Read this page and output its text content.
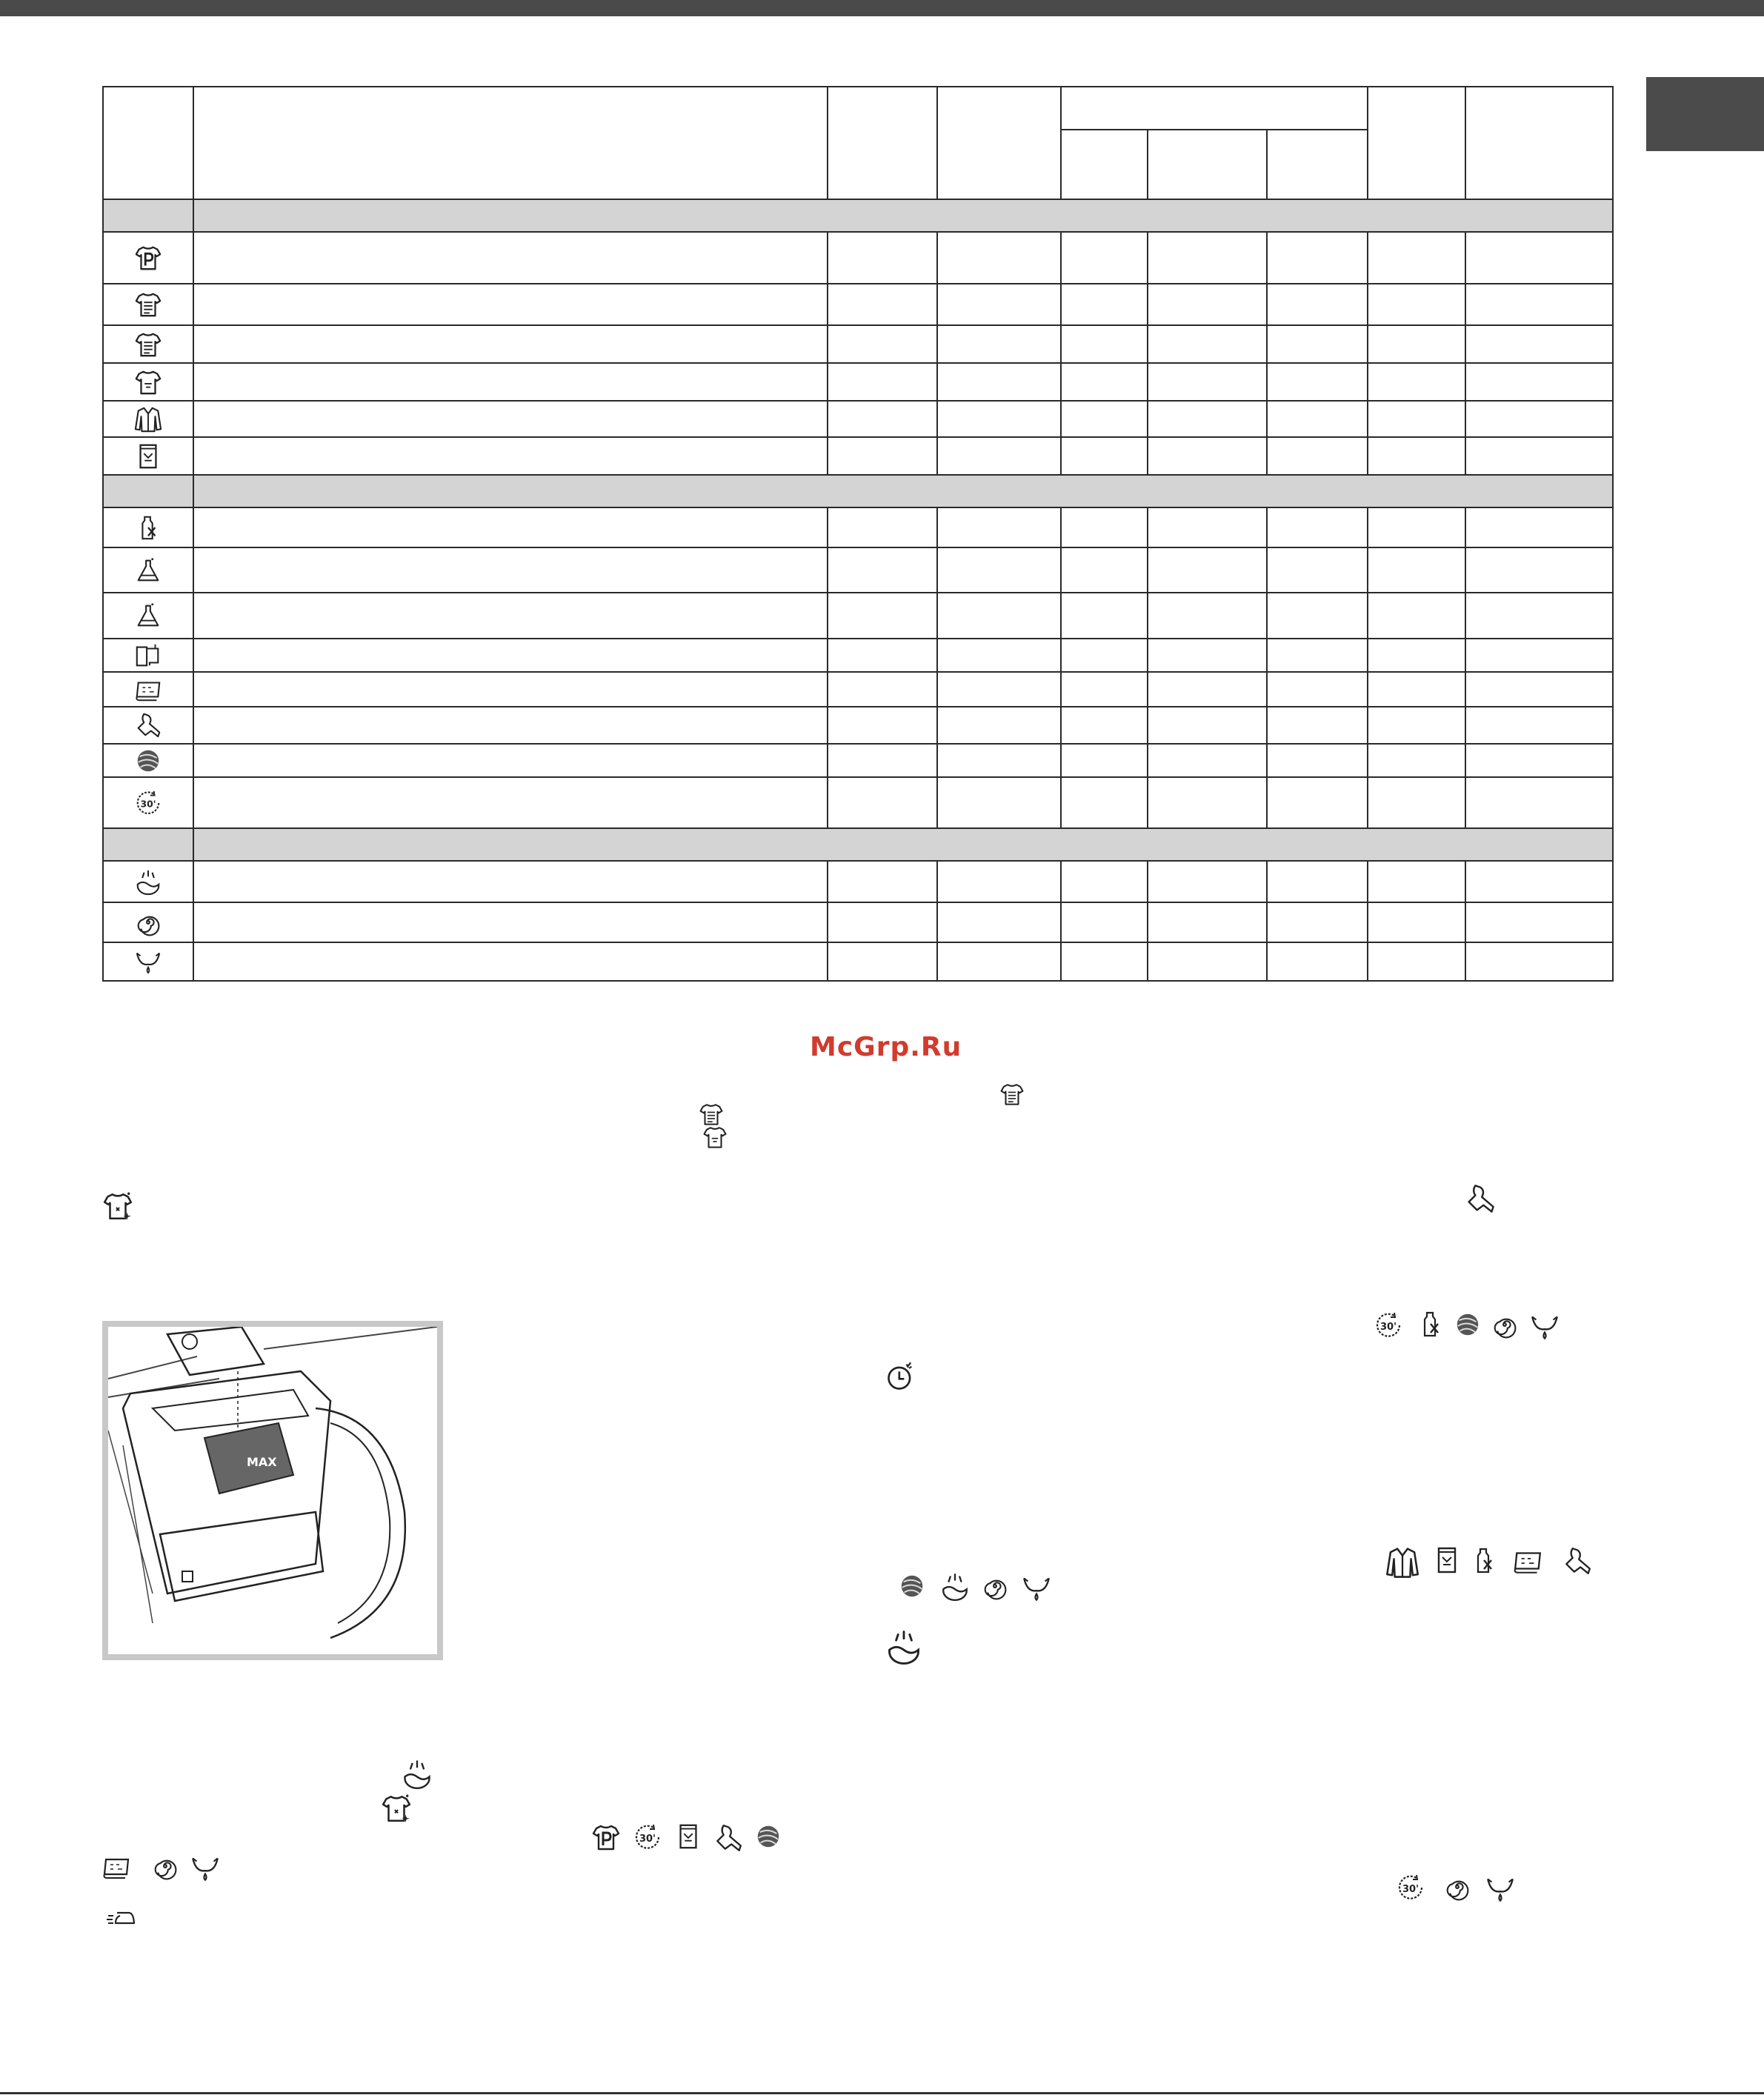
McGrp.Ru
MAX
